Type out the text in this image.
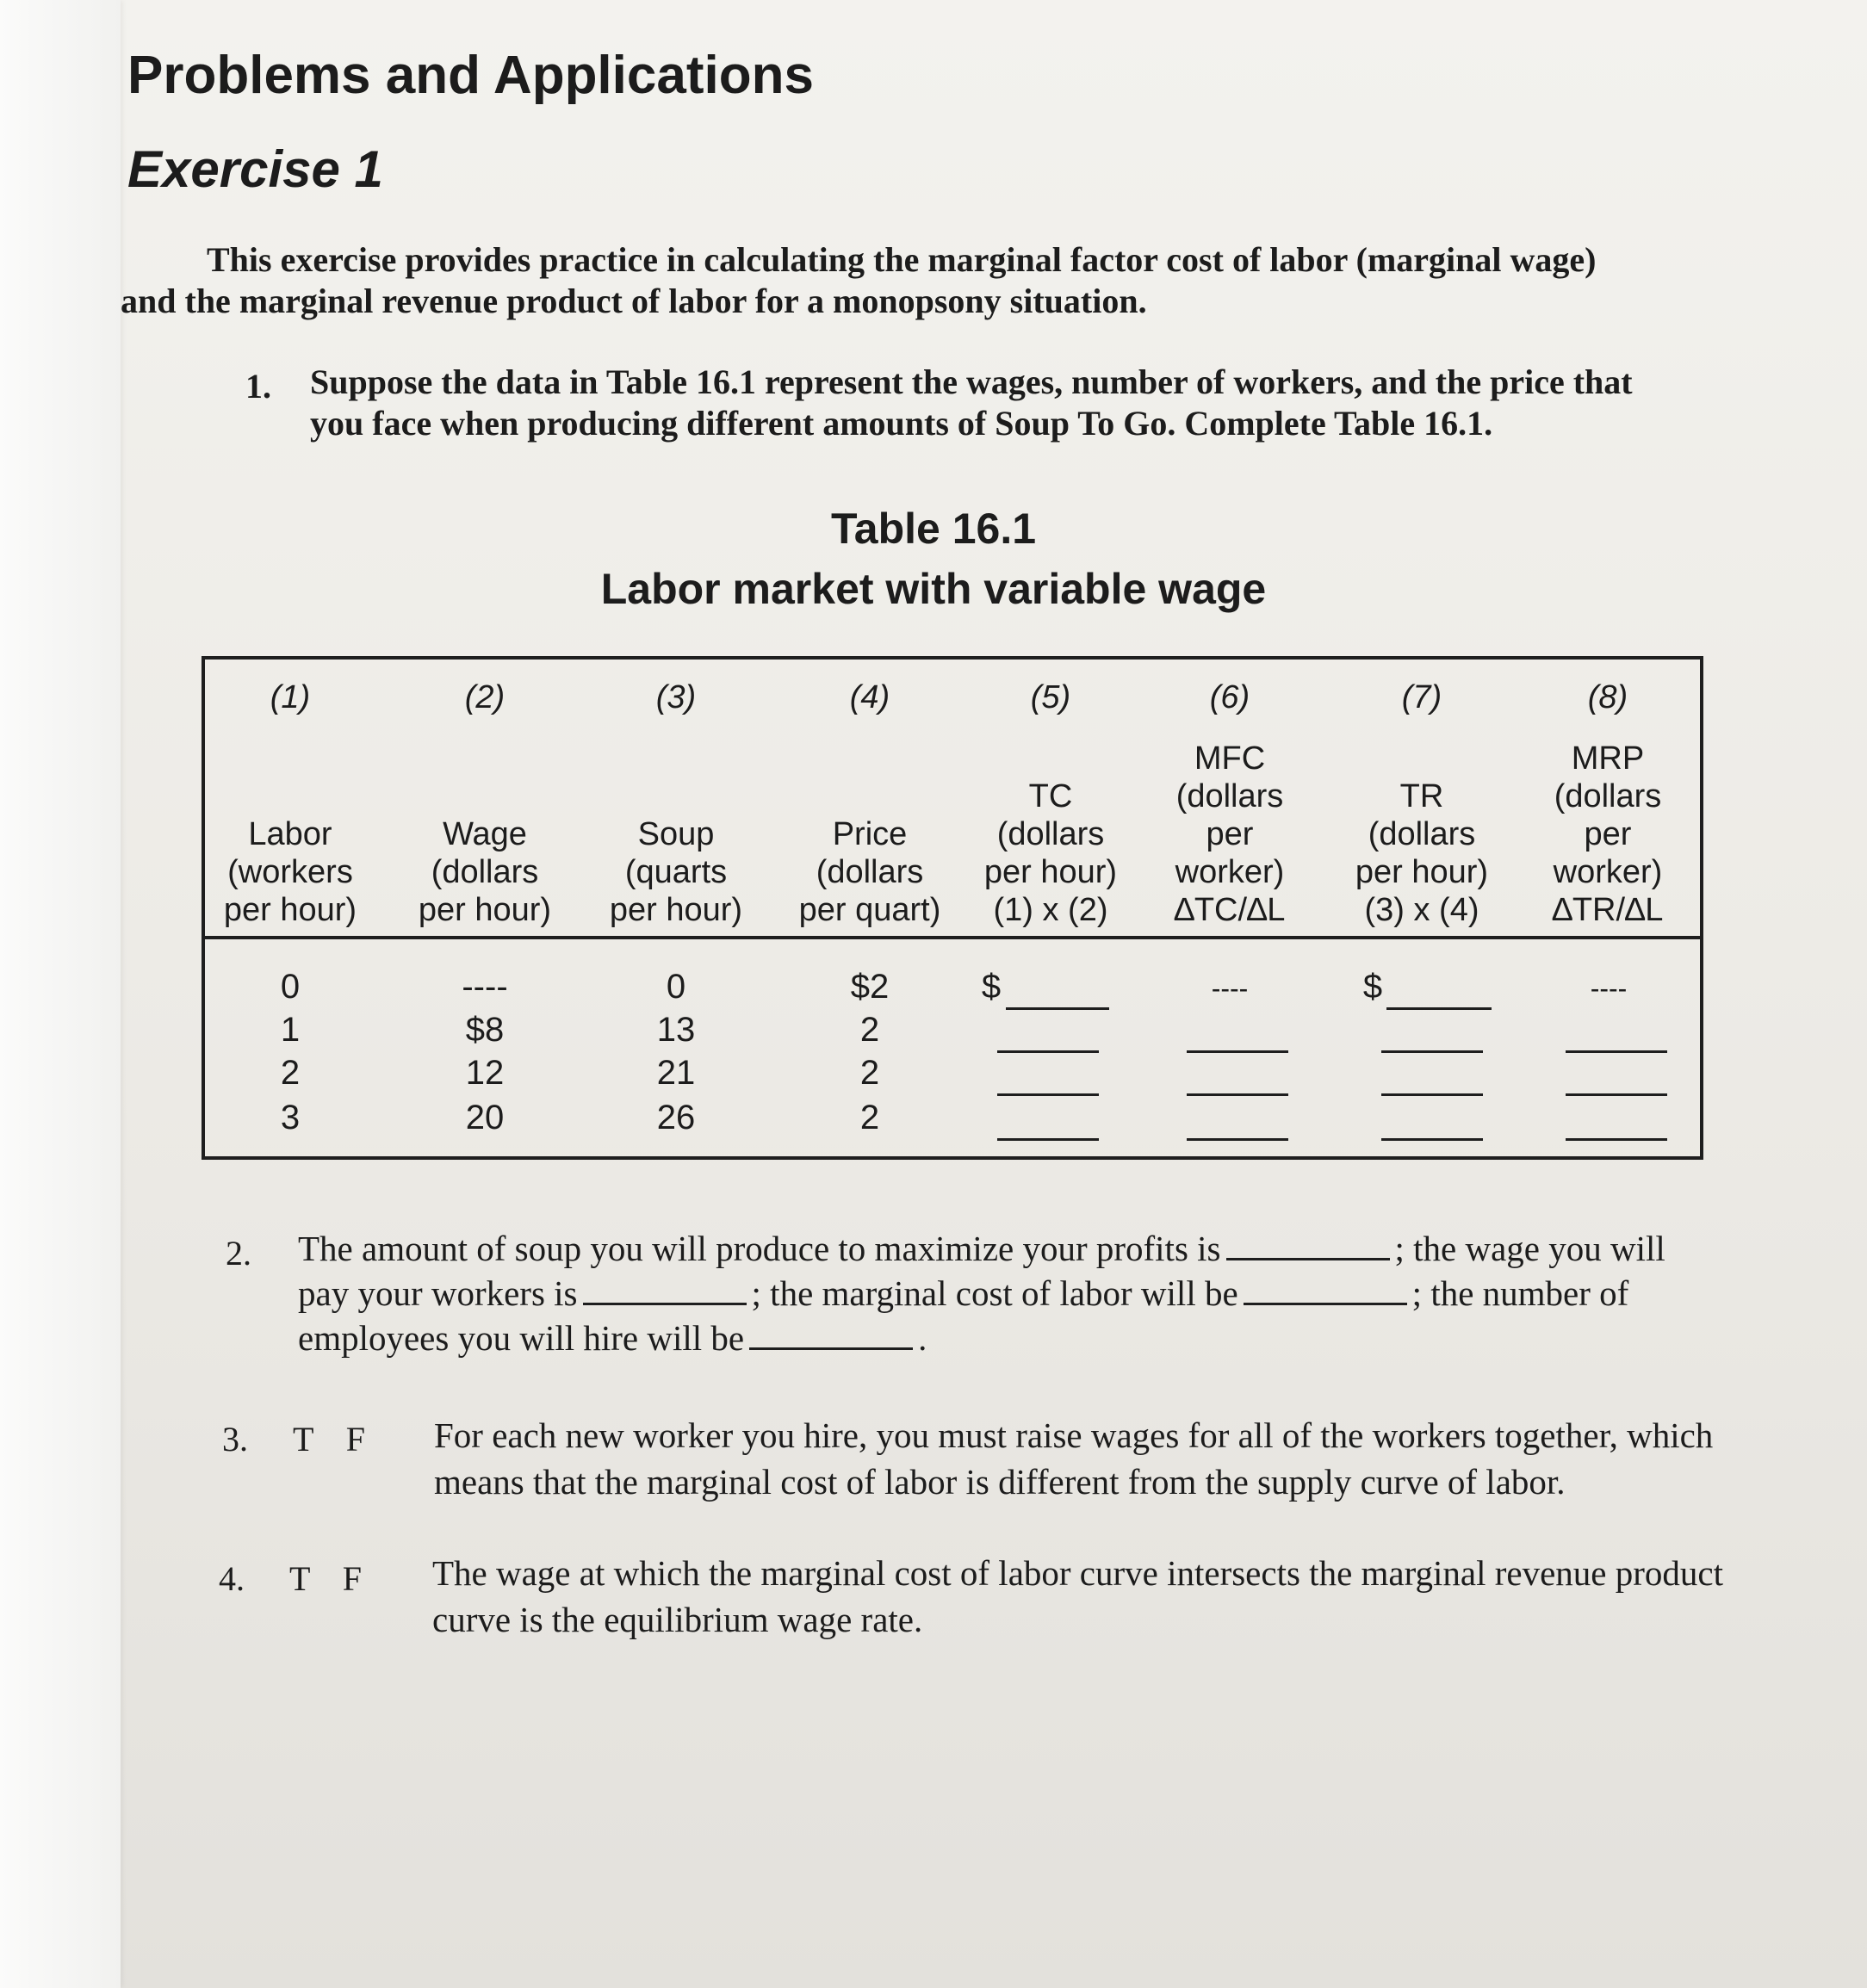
Problems and Applications
Exercise 1

This exercise provides practice in calculating the marginal factor cost of labor (marginal wage) and the marginal revenue product of labor for a monopsony situation.

1. Suppose the data in Table 16.1 represent the wages, number of workers, and the price that you face when producing different amounts of Soup To Go. Complete Table 16.1.

Table 16.1
Labor market with variable wage
(1)
Labor
(workers
per hour)
(2)
Wage
(dollars
per hour)
(3)
Soup
(quarts
per hour)
(4)
Price
(dollars
per quart)
(5)
TC
(dollars
per hour)
(1) x (2)
(6)
MFC
(dollars
per
worker)
∆TC/∆L
(7)
TR
(dollars
per hour)
(3) x (4)
(8)
MRP
(dollars
per
worker)
∆TR/∆L
0	----	0	$2	$	----	$	----
1	$8	13	2
2	12	21	2
3	20	26	2
2. The amount of soup you will produce to maximize your profits is	; the wage you will pay your workers is	; the marginal cost of labor will be	; the number of employees you will hire will be	.

3. T F For each new worker you hire, you must raise wages for all of the workers together, which means that the marginal cost of labor is different from the supply curve of labor.

4. T F The wage at which the marginal cost of labor curve intersects the marginal revenue product curve is the equilibrium wage rate.
